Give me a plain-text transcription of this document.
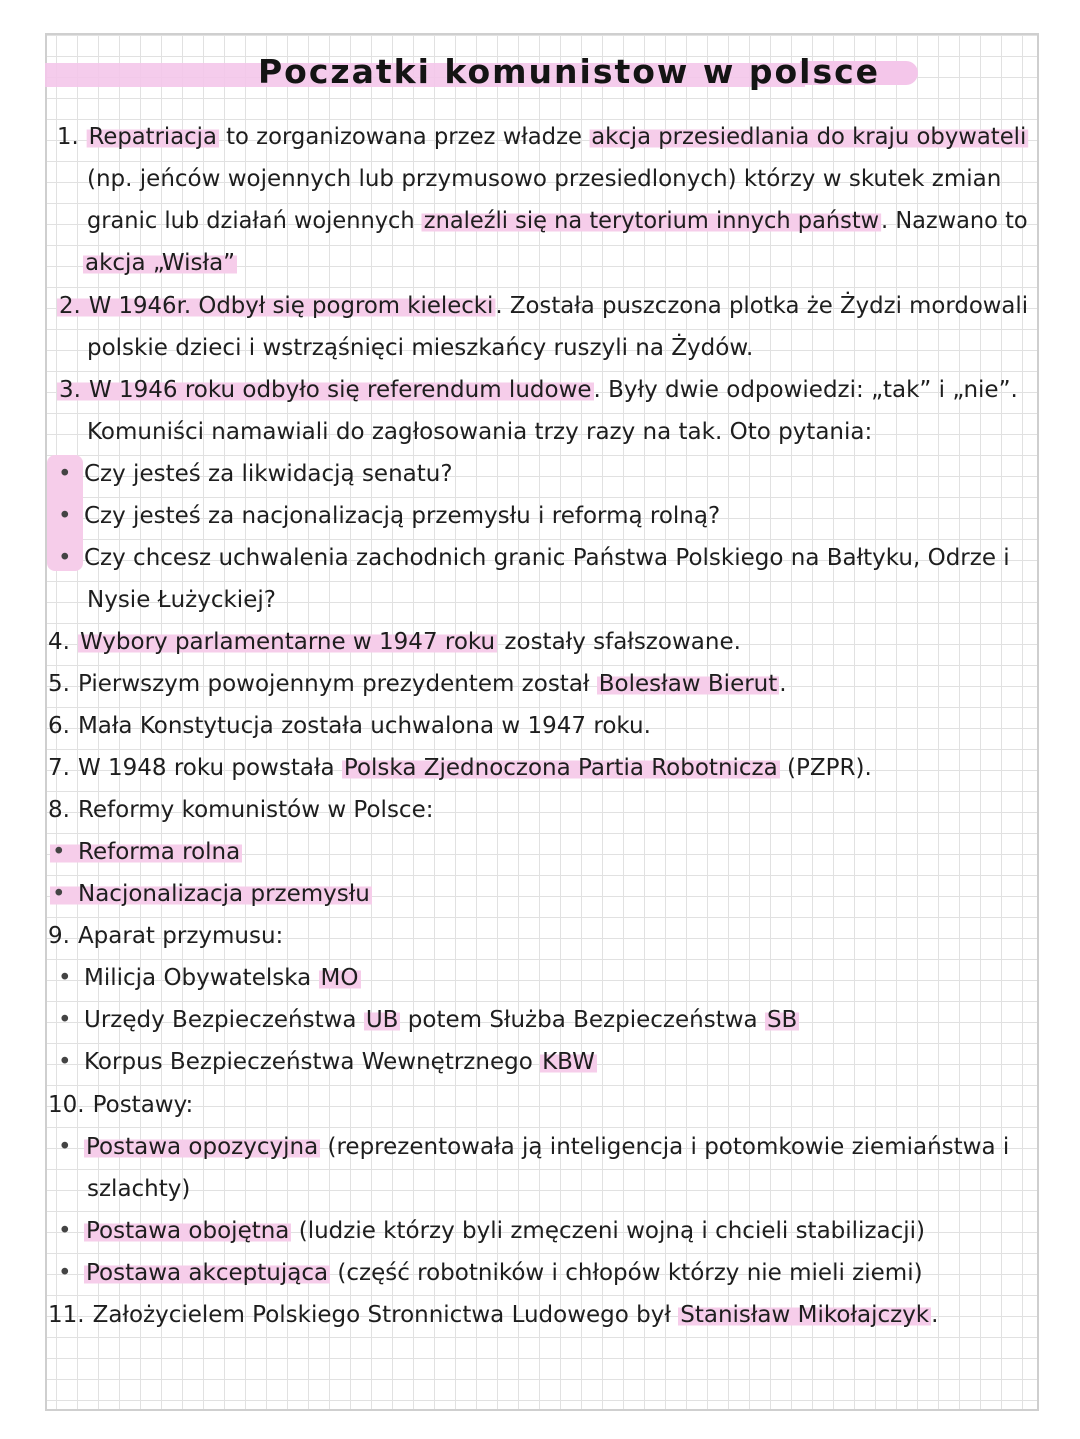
Poczatki komunistow w polsce
1. Repatriacja to zorganizowana przez władze akcja przesiedlania do kraju obywateli
(np. jeńców wojennych lub przymusowo przesiedlonych) którzy w skutek zmian
granic lub działań wojennych znaleźli się na terytorium innych państw. Nazwano to
akcja „Wisła”
2. W 1946r. Odbył się pogrom kielecki. Została puszczona plotka że Żydzi mordowali
polskie dzieci i wstrząśnięci mieszkańcy ruszyli na Żydów.
3. W 1946 roku odbyło się referendum ludowe. Były dwie odpowiedzi: „tak” i „nie”.
Komuniści namawiali do zagłosowania trzy razy na tak. Oto pytania:
• Czy jesteś za likwidacją senatu?
• Czy jesteś za nacjonalizacją przemysłu i reformą rolną?
• Czy chcesz uchwalenia zachodnich granic Państwa Polskiego na Bałtyku, Odrze i
Nysie Łużyckiej?
4. Wybory parlamentarne w 1947 roku zostały sfałszowane.
5. Pierwszym powojennym prezydentem został Bolesław Bierut.
6. Mała Konstytucja została uchwalona w 1947 roku.
7. W 1948 roku powstała Polska Zjednoczona Partia Robotnicza (PZPR).
8. Reformy komunistów w Polsce:
• Reforma rolna
• Nacjonalizacja przemysłu
9. Aparat przymusu:
• Milicja Obywatelska MO
• Urzędy Bezpieczeństwa UB potem Służba Bezpieczeństwa SB
• Korpus Bezpieczeństwa Wewnętrznego KBW
10. Postawy:
• Postawa opozycyjna (reprezentowała ją inteligencja i potomkowie ziemiaństwa i
szlachty)
• Postawa obojętna (ludzie którzy byli zmęczeni wojną i chcieli stabilizacji)
• Postawa akceptująca (część robotników i chłopów którzy nie mieli ziemi)
11. Założycielem Polskiego Stronnictwa Ludowego był Stanisław Mikołajczyk.
